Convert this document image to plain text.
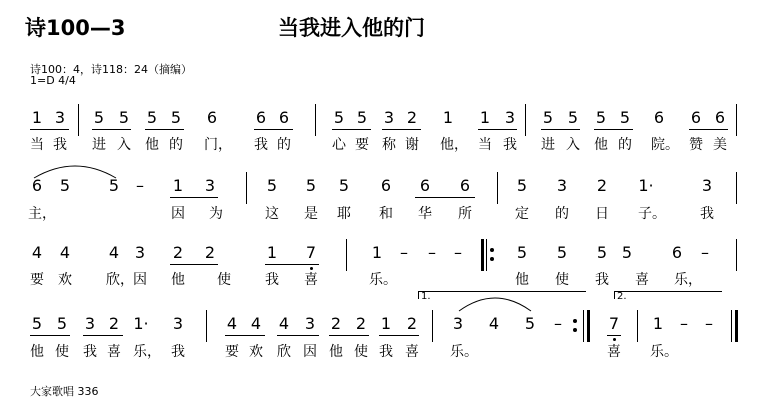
诗100—3	当我进入他的门
诗100：4，诗118：24（摘编）
1=D 4/4
1 3 5 5 5 5 6 6 6	5 5 3 2 1 1 3 5 5 5 5 6 6 6
当 我 进 入 他 的 门， 我 的	心 要 称 谢 他， 当 我 进 入 他 的 院。 赞 美
6 5 5 – 1 3	5 5 5 6 6 6	5 3 2 1·	3
主，	因 为	这 是 耶 和 华 所	定 的 日 子。 我
4 4 4 3 2 2	1 7	1 – – –	5 5 5 5 6 –
要 欢 欣， 因 他 使 我 喜	乐。	他 使 我 喜 乐，
1.	2.
5 5 3 2 1· 3	4 4 4 3 2 2 1 2 3 4 5 –	7 1 – –
他 使 我 喜 乐， 我	要 欢 欣 因 他 使 我 喜 乐。	喜 乐。
大家歌唱 336
